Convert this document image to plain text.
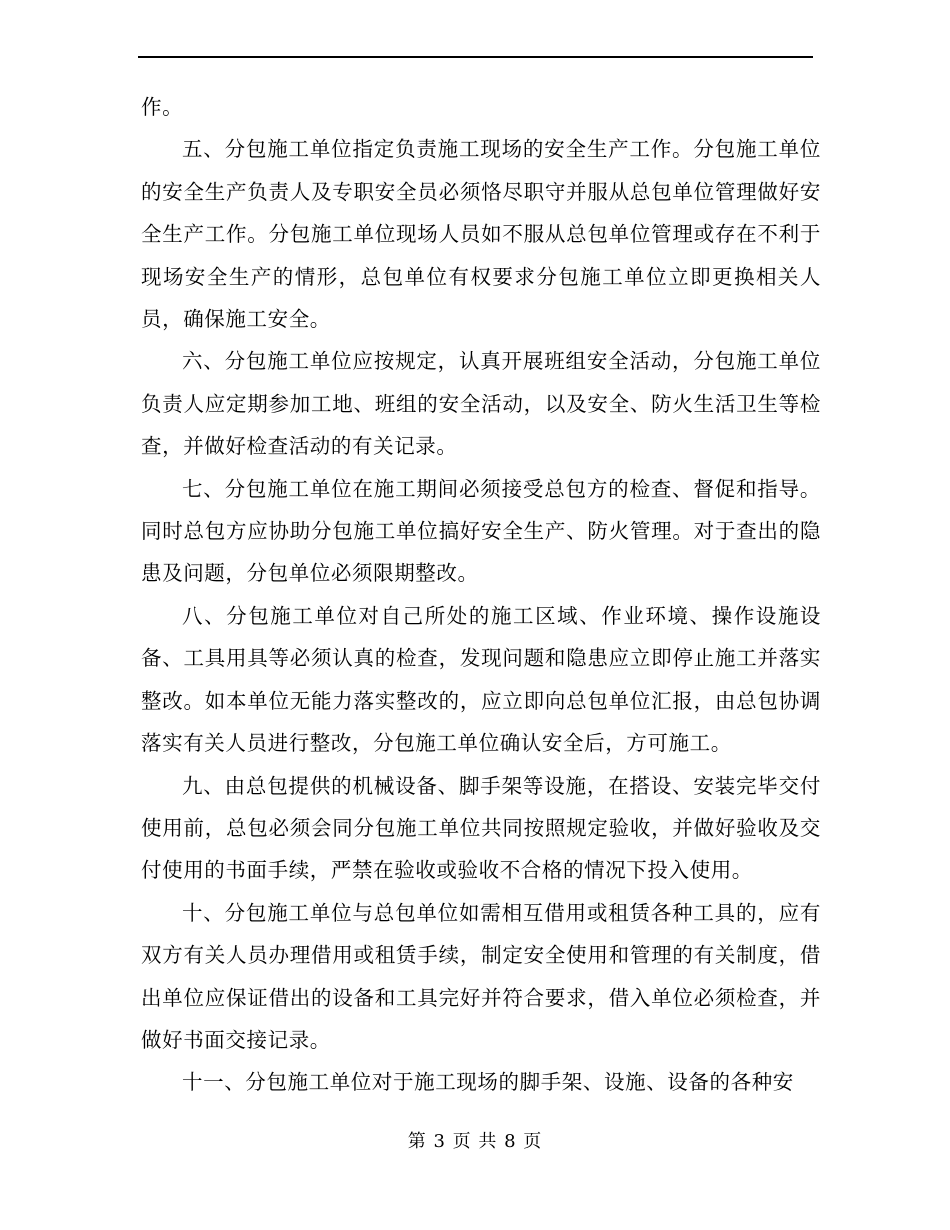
作。

五、分包施工单位指定负责施工现场的安全生产工作。分包施工单位的安全生产负责人及专职安全员必须恪尽职守并服从总包单位管理做好安全生产工作。分包施工单位现场人员如不服从总包单位管理或存在不利于现场安全生产的情形，总包单位有权要求分包施工单位立即更换相关人员，确保施工安全。

六、分包施工单位应按规定，认真开展班组安全活动，分包施工单位负责人应定期参加工地、班组的安全活动，以及安全、防火生活卫生等检查，并做好检查活动的有关记录。

七、分包施工单位在施工期间必须接受总包方的检查、督促和指导。同时总包方应协助分包施工单位搞好安全生产、防火管理。对于查出的隐患及问题，分包单位必须限期整改。

八、分包施工单位对自己所处的施工区域、作业环境、操作设施设备、工具用具等必须认真的检查，发现问题和隐患应立即停止施工并落实整改。如本单位无能力落实整改的，应立即向总包单位汇报，由总包协调落实有关人员进行整改，分包施工单位确认安全后，方可施工。

九、由总包提供的机械设备、脚手架等设施，在搭设、安装完毕交付使用前，总包必须会同分包施工单位共同按照规定验收，并做好验收及交付使用的书面手续，严禁在验收或验收不合格的情况下投入使用。

十、分包施工单位与总包单位如需相互借用或租赁各种工具的，应有双方有关人员办理借用或租赁手续，制定安全使用和管理的有关制度，借出单位应保证借出的设备和工具完好并符合要求，借入单位必须检查，并做好书面交接记录。

十一、分包施工单位对于施工现场的脚手架、设施、设备的各种安

第 3 页 共 8 页
